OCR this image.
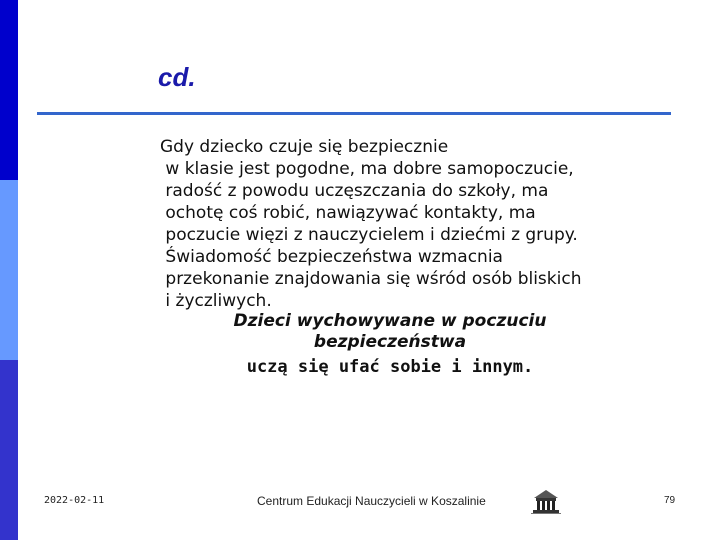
cd.

Gdy dziecko czuje się bezpiecznie
w klasie jest pogodne, ma dobre samopoczucie,
radość z powodu uczęszczania do szkoły, ma
ochotę coś robić, nawiązywać kontakty, ma
poczucie więzi z nauczycielem i dziećmi z grupy.
Świadomość bezpieczeństwa wzmacnia
przekonanie znajdowania się wśród osób bliskich
i życzliwych.

Dzieci wychowywane w poczuciu
bezpieczeństwa
uczą się ufać sobie i innym.
2022-02-11	Centrum Edukacji Nauczycieli w Koszalinie	79
